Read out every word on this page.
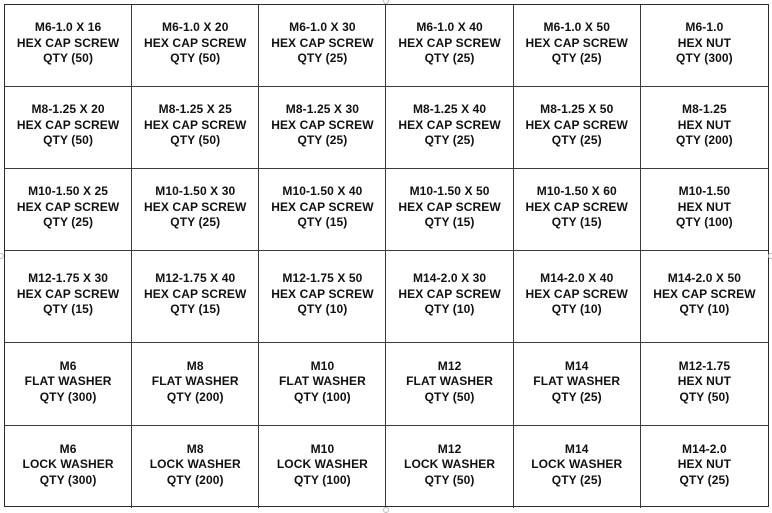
M6-1.0 X 16
HEX CAP SCREW
QTY (50)
M6-1.0 X 20
HEX CAP SCREW
QTY (50)
M6-1.0 X 30
HEX CAP SCREW
QTY (25)
M6-1.0 X 40
HEX CAP SCREW
QTY (25)
M6-1.0 X 50
HEX CAP SCREW
QTY (25)
M6-1.0
HEX NUT
QTY (300)
M8-1.25 X 20
HEX CAP SCREW
QTY (50)
M8-1.25 X 25
HEX CAP SCREW
QTY (50)
M8-1.25 X 30
HEX CAP SCREW
QTY (25)
M8-1.25 X 40
HEX CAP SCREW
QTY (25)
M8-1.25 X 50
HEX CAP SCREW
QTY (25)
M8-1.25
HEX NUT
QTY (200)
M10-1.50 X 25
HEX CAP SCREW
QTY (25)
M10-1.50 X 30
HEX CAP SCREW
QTY (25)
M10-1.50 X 40
HEX CAP SCREW
QTY (15)
M10-1.50 X 50
HEX CAP SCREW
QTY (15)
M10-1.50 X 60
HEX CAP SCREW
QTY (15)
M10-1.50
HEX NUT
QTY (100)
M12-1.75 X 30
HEX CAP SCREW
QTY (15)
M12-1.75 X 40
HEX CAP SCREW
QTY (15)
M12-1.75 X 50
HEX CAP SCREW
QTY (10)
M14-2.0 X 30
HEX CAP SCREW
QTY (10)
M14-2.0 X 40
HEX CAP SCREW
QTY (10)
M14-2.0 X 50
HEX CAP SCREW
QTY (10)
M6
FLAT WASHER
QTY (300)
M8
FLAT WASHER
QTY (200)
M10
FLAT WASHER
QTY (100)
M12
FLAT WASHER
QTY (50)
M14
FLAT WASHER
QTY (25)
M12-1.75
HEX NUT
QTY (50)
M6
LOCK WASHER
QTY (300)
M8
LOCK WASHER
QTY (200)
M10
LOCK WASHER
QTY (100)
M12
LOCK WASHER
QTY (50)
M14
LOCK WASHER
QTY (25)
M14-2.0
HEX NUT
QTY (25)
